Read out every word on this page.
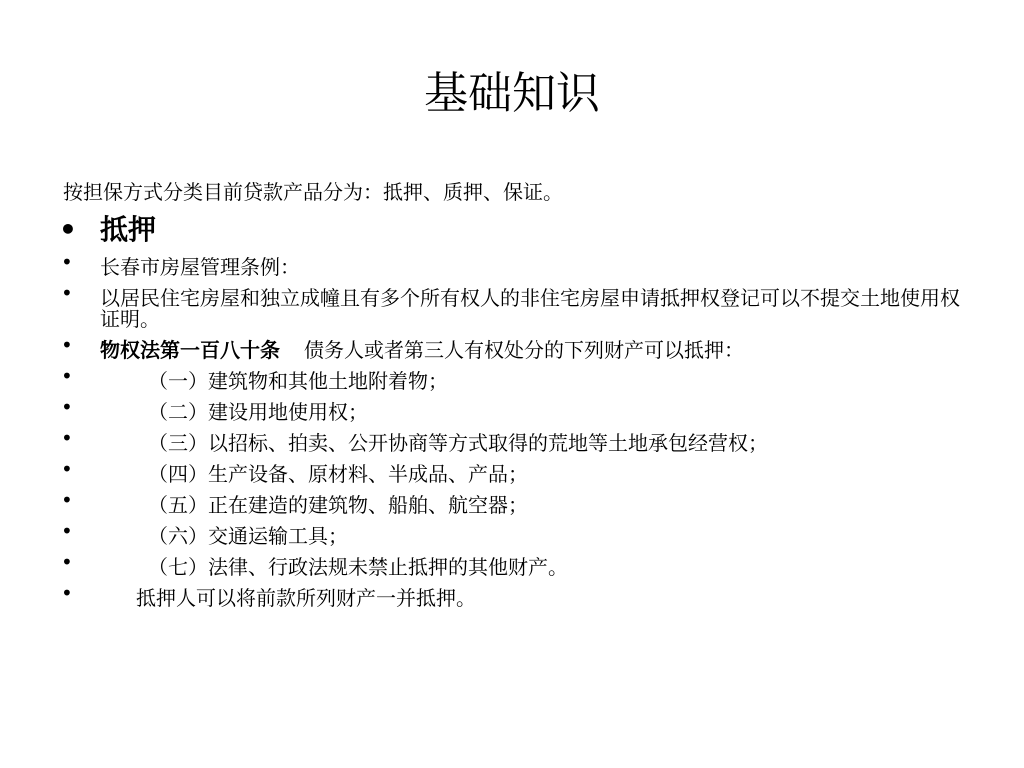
基础知识
按担保方式分类目前贷款产品分为：抵押、质押、保证。
• 抵押
• 长春市房屋管理条例：
• 以居民住宅房屋和独立成幢且有多个所有权人的非住宅房屋申请抵押权登记可以不提交土地使用权证明。
• 物权法第一百八十条 债务人或者第三人有权处分的下列财产可以抵押：
•	（一）建筑物和其他土地附着物；
•	（二）建设用地使用权；
•	（三）以招标、拍卖、公开协商等方式取得的荒地等土地承包经营权；
•	（四）生产设备、原材料、半成品、产品；
•	（五）正在建造的建筑物、船舶、航空器；
•	（六）交通运输工具；
•	（七）法律、行政法规未禁止抵押的其他财产。
•	抵押人可以将前款所列财产一并抵押。
